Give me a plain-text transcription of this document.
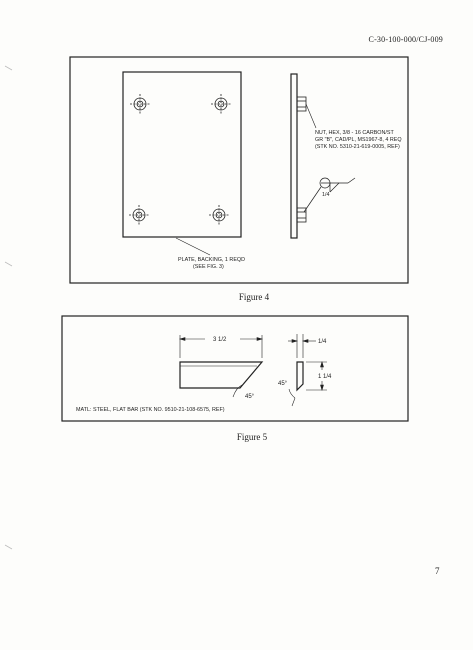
C-30-100-000/CJ-009
NUT, HEX, 3/8 - 16 CARBON/ST
GR "B", CAD/PL, MS1967-8, 4 REQ
(STK NO. 5310-21-619-0005, REF)
1/4
PLATE, BACKING, 1 REQD
(SEE FIG. 3)
3 1/2
45°
1/4
1 1/4
45°
MATL: STEEL, FLAT BAR (STK NO. 9510-21-108-6575, REF)
Figure 4
Figure 5
7
